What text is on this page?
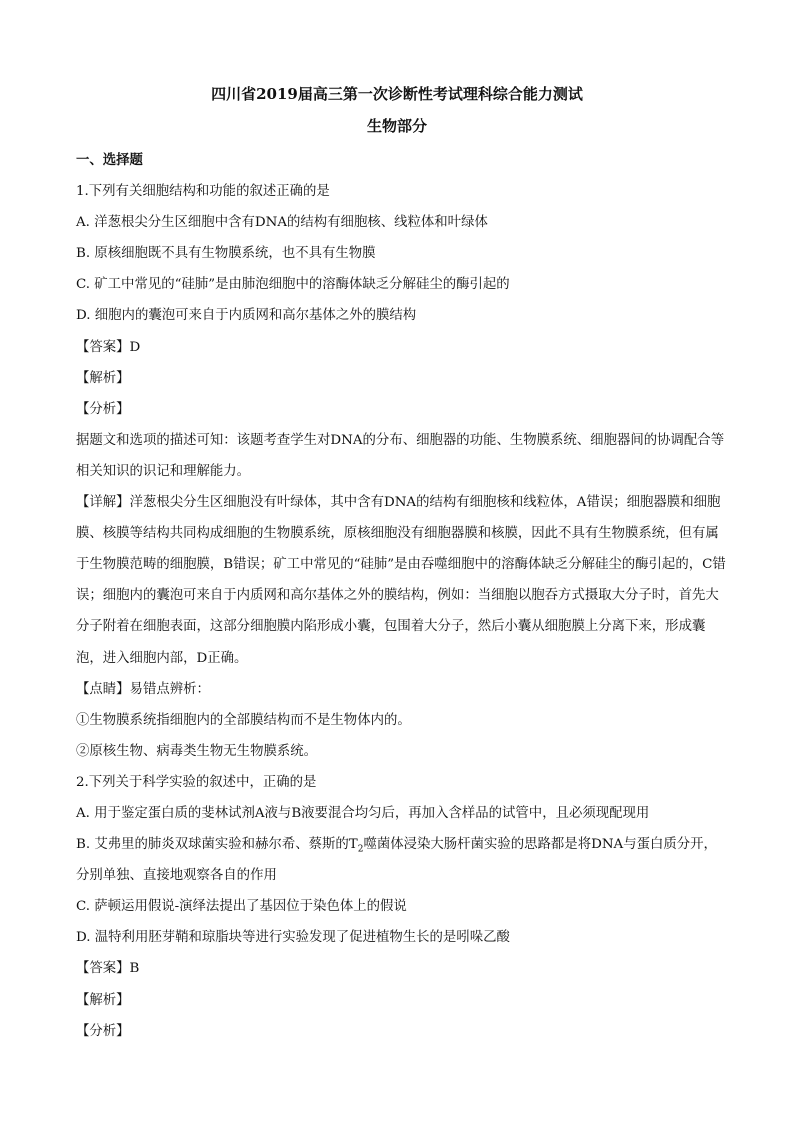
四川省2019届高三第一次诊断性考试理科综合能力测试
生物部分

一、选择题

1.下列有关细胞结构和功能的叙述正确的是

A. 洋葱根尖分生区细胞中含有DNA的结构有细胞核、线粒体和叶绿体

B. 原核细胞既不具有生物膜系统，也不具有生物膜

C. 矿工中常见的“硅肺”是由肺泡细胞中的溶酶体缺乏分解硅尘的酶引起的

D. 细胞内的囊泡可来自于内质网和高尔基体之外的膜结构

【答案】D

【解析】

【分析】

据题文和选项的描述可知：该题考查学生对DNA的分布、细胞器的功能、生物膜系统、细胞器间的协调配合等相关知识的识记和理解能力。

【详解】洋葱根尖分生区细胞没有叶绿体，其中含有DNA的结构有细胞核和线粒体，A错误；细胞器膜和细胞膜、核膜等结构共同构成细胞的生物膜系统，原核细胞没有细胞器膜和核膜，因此不具有生物膜系统，但有属于生物膜范畴的细胞膜，B错误；矿工中常见的“硅肺”是由吞噬细胞中的溶酶体缺乏分解硅尘的酶引起的，C错误；细胞内的囊泡可来自于内质网和高尔基体之外的膜结构，例如：当细胞以胞吞方式摄取大分子时，首先大分子附着在细胞表面，这部分细胞膜内陷形成小囊，包围着大分子，然后小囊从细胞膜上分离下来，形成囊泡，进入细胞内部，D正确。

【点睛】易错点辨析：

①生物膜系统指细胞内的全部膜结构而不是生物体内的。

②原核生物、病毒类生物无生物膜系统。

2.下列关于科学实验的叙述中，正确的是

A. 用于鉴定蛋白质的斐林试剂A液与B液要混合均匀后，再加入含样品的试管中，且必须现配现用

B. 艾弗里的肺炎双球菌实验和赫尔希、蔡斯的$T_2$噬菌体浸染大肠杆菌实验的思路都是将DNA与蛋白质分开，分别单独、直接地观察各自的作用

C. 萨顿运用假说-演绎法提出了基因位于染色体上的假说

D. 温特利用胚芽鞘和琼脂块等进行实验发现了促进植物生长的是吲哚乙酸

【答案】B

【解析】

【分析】
